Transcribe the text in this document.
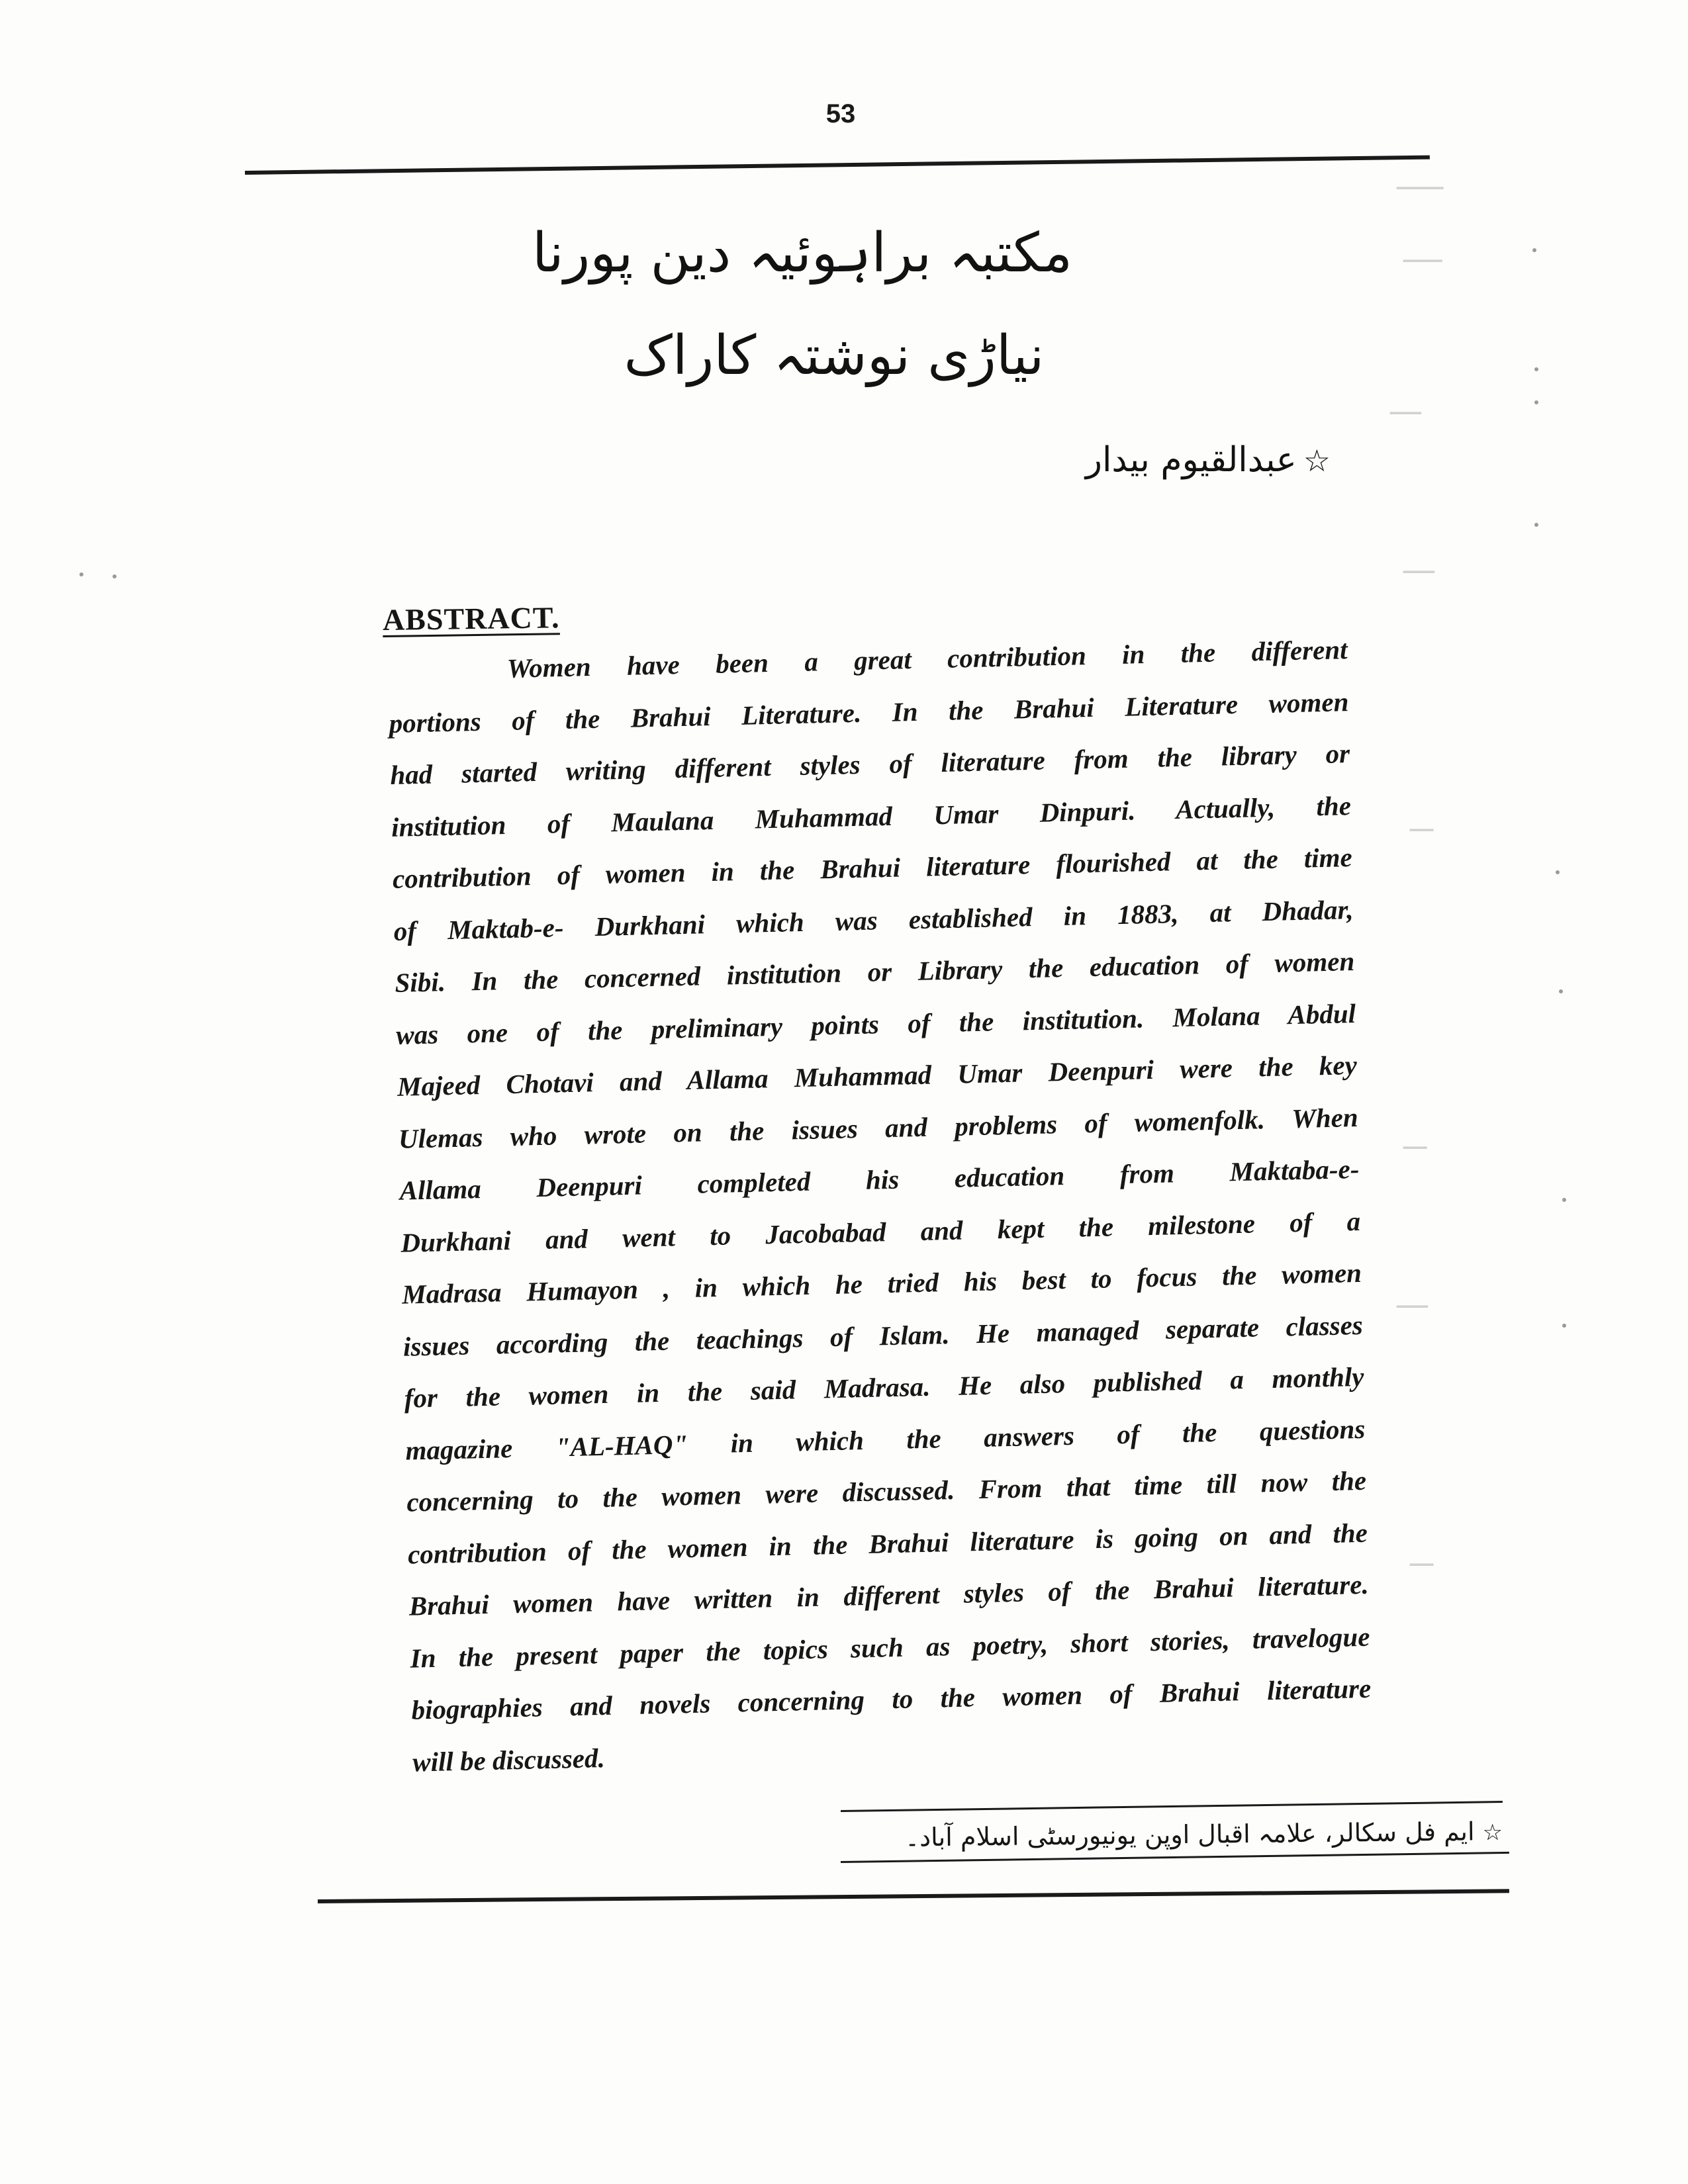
53
ــــــ
ـــــ
ــــ
ــــ
ـــ
ـــ
ــــ
ـــ
مکتبہ براہوئیہ دین پورنا
نیاڑی نوشتہ کاراک
☆عبدالقیوم بیدار
ABSTRACT.
Women have been a great contribution in the different
portions of the Brahui Literature. In the Brahui Literature women
had started writing different styles of literature from the library or
institution of Maulana Muhammad Umar Dinpuri. Actually, the
contribution of women in the Brahui literature flourished at the time
of Maktab-e- Durkhani which was established in 1883, at Dhadar,
Sibi. In the concerned institution or Library the education of women
was one of the preliminary points of the institution. Molana Abdul
Majeed Chotavi and Allama Muhammad Umar Deenpuri were the key
Ulemas who wrote on the issues and problems of womenfolk. When
Allama Deenpuri completed his education from Maktaba-e-
Durkhani and went to Jacobabad and kept the milestone of a
Madrasa Humayon , in which he tried his best to focus the women
issues according the teachings of Islam. He managed separate classes
for the women in the said Madrasa. He also published a monthly
magazine "AL-HAQ" in which the answers of the questions
concerning to the women were discussed. From that time till now the
contribution of the women in the Brahui literature is going on and the
Brahui women have written in different styles of the Brahui literature.
In the present paper the topics such as poetry, short stories, travelogue
biographies and novels concerning to the women of Brahui literature
will be discussed.
☆ایم فل سکالر، علامہ اقبال اوپن یونیورسٹی اسلام آباد۔
